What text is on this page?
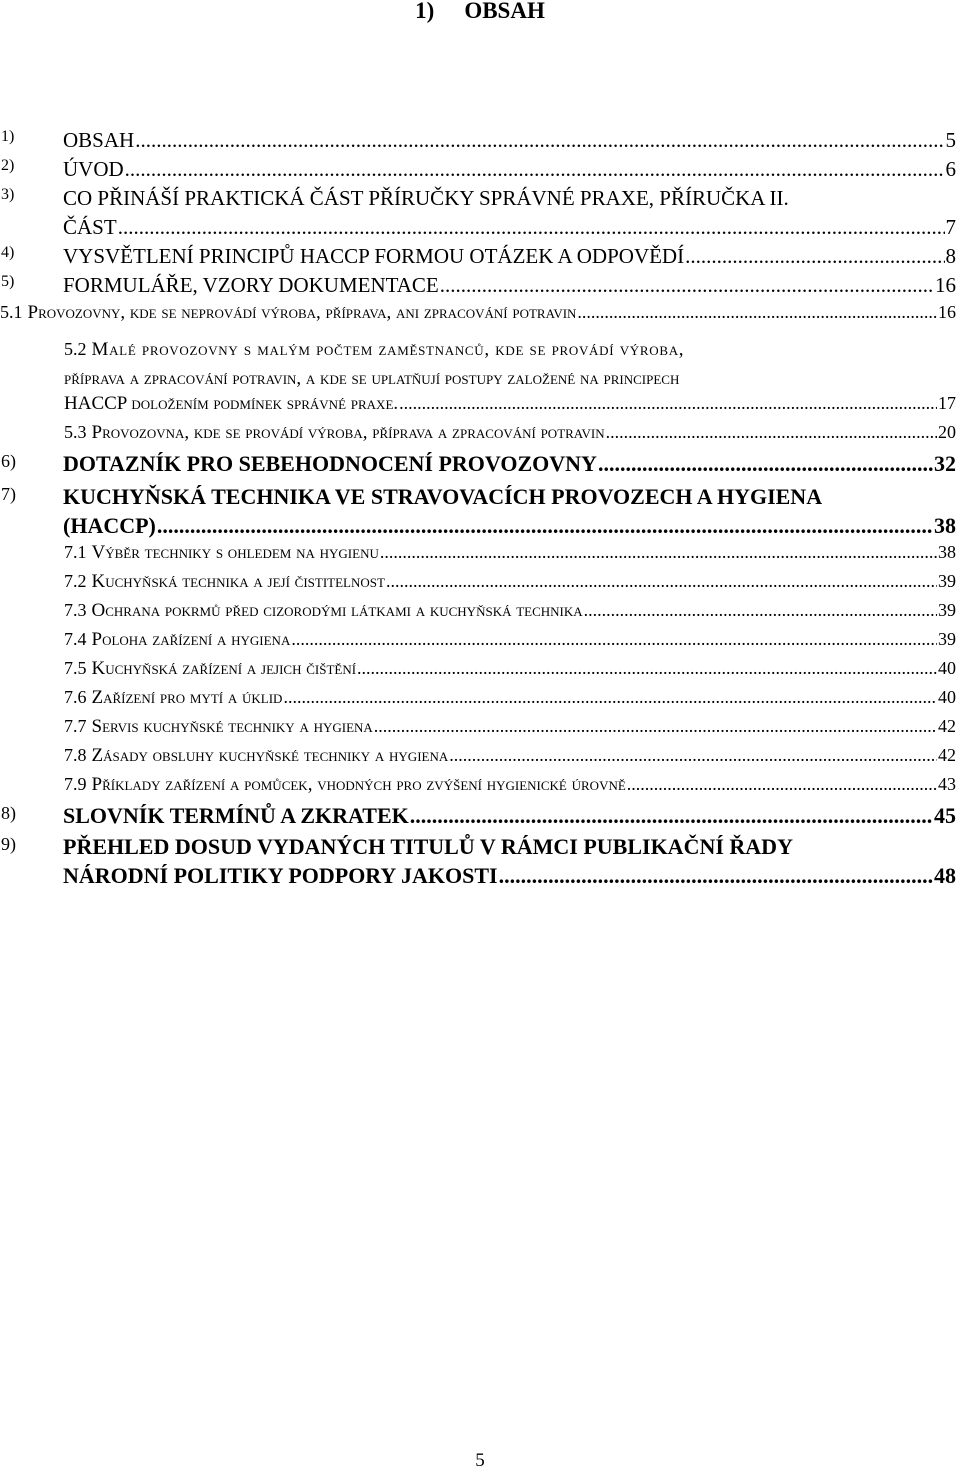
1) OBSAH
1) OBSAH .....	5
2) ÚVOD .....	6
3) CO PŘINÁŠÍ PRAKTICKÁ ČÁST PŘÍRUČKY SPRÁVNÉ PRAXE, PŘÍRUČKA II.
ČÁST .....	7
4) VYSVĚTLENÍ PRINCIPŮ HACCP FORMOU OTÁZEK A ODPOVĚDÍ .....	8
5) FORMULÁŘE, VZORY DOKUMENTACE .....	16
5.1 Provozovny, kde se neprovádí výroba, příprava, ani zpracování potravin .....	16
5.2 Malé provozovny s malým počtem zaměstnanců, kde se provádí výroba,
příprava a zpracování potravin, a kde se uplatňují postupy založené na principech
HACCP doložením podmínek správné praxe. .....	17
5.3 Provozovna, kde se provádí výroba, příprava a zpracování potravin .....	20
6) DOTAZNÍK PRO SEBEHODNOCENÍ PROVOZOVNY .....	32
7) KUCHYŇSKÁ TECHNIKA VE STRAVOVACÍCH PROVOZECH A HYGIENA
(HACCP) .....	38
7.1 Výběr techniky s ohledem na hygienu .....	38
7.2 Kuchyňská technika a její čistitelnost .....	39
7.3 Ochrana pokrmů před cizorodými látkami a kuchyňská technika .....	39
7.4 Poloha zařízení a hygiena .....	39
7.5 Kuchyňská zařízení a jejich čištění .....	40
7.6 Zařízení pro mytí a úklid .....	40
7.7 Servis kuchyňské techniky a hygiena .....	42
7.8 Zásady obsluhy kuchyňské techniky a hygiena .....	42
7.9 Příklady zařízení a pomůcek, vhodných pro zvýšení hygienické úrovně .....	43
8) SLOVNÍK TERMÍNŮ A ZKRATEK .....	45
9) PŘEHLED DOSUD VYDANÝCH TITULŮ V RÁMCI PUBLIKAČNÍ ŘADY
NÁRODNÍ POLITIKY PODPORY JAKOSTI .....	48
5
